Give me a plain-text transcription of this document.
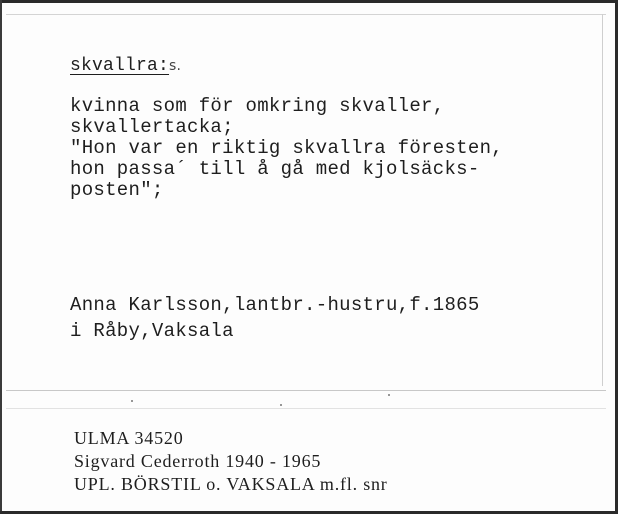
skvallra:s.
kvinna som för omkring skvaller,
skvallertacka;
"Hon var en riktig skvallra föresten,
hon passa´ till å gå med kjolsäcks-
posten";
Anna Karlsson,lantbr.-hustru,f.1865
i Råby,Vaksala
ULMA 34520
Sigvard Cederroth 1940 - 1965
UPL. BÖRSTIL o. VAKSALA m.fl. snr
